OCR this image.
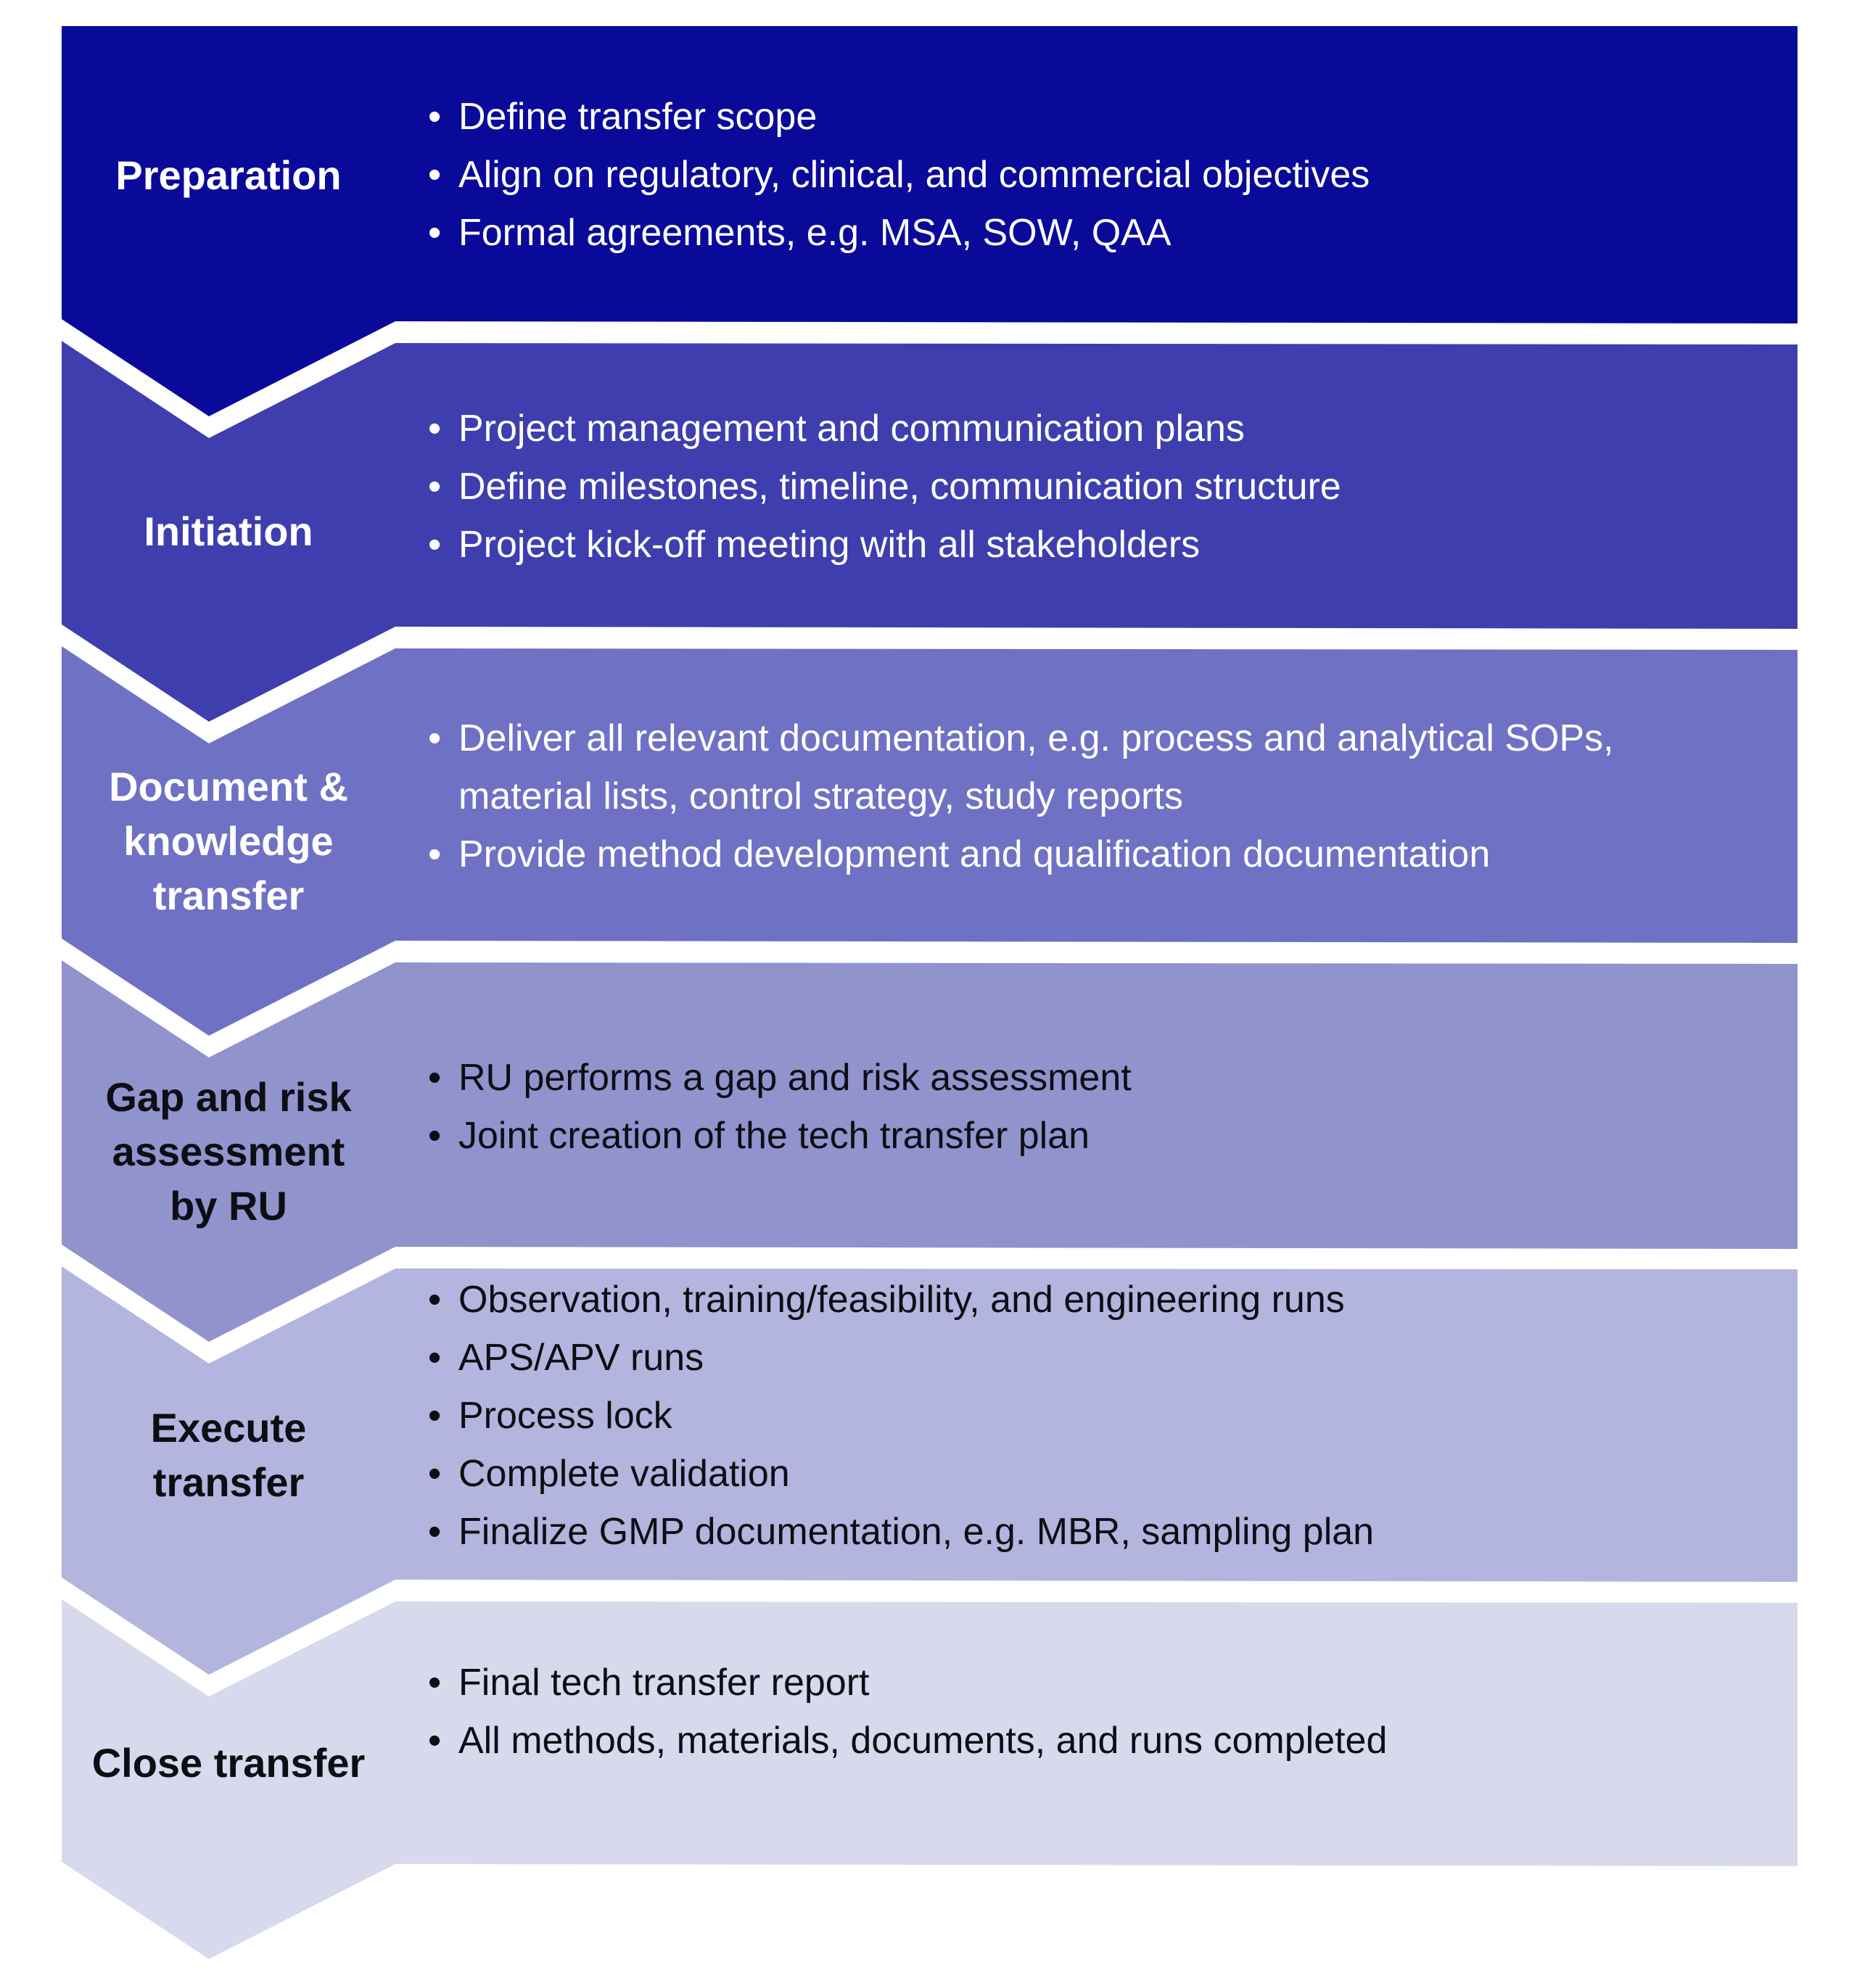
Preparation
• Define transfer scope
• Align on regulatory, clinical, and commercial objectives
• Formal agreements, e.g. MSA, SOW, QAA
Initiation
• Project management and communication plans
• Define milestones, timeline, communication structure
• Project kick-off meeting with all stakeholders
Document & knowledge transfer
• Deliver all relevant documentation, e.g. process and analytical SOPs, material lists, control strategy, study reports
• Provide method development and qualification documentation
Gap and risk assessment by RU
• RU performs a gap and risk assessment
• Joint creation of the tech transfer plan
Execute transfer
• Observation, training/feasibility, and engineering runs
• APS/APV runs
• Process lock
• Complete validation
• Finalize GMP documentation, e.g. MBR, sampling plan
Close transfer
• Final tech transfer report
• All methods, materials, documents, and runs completed
